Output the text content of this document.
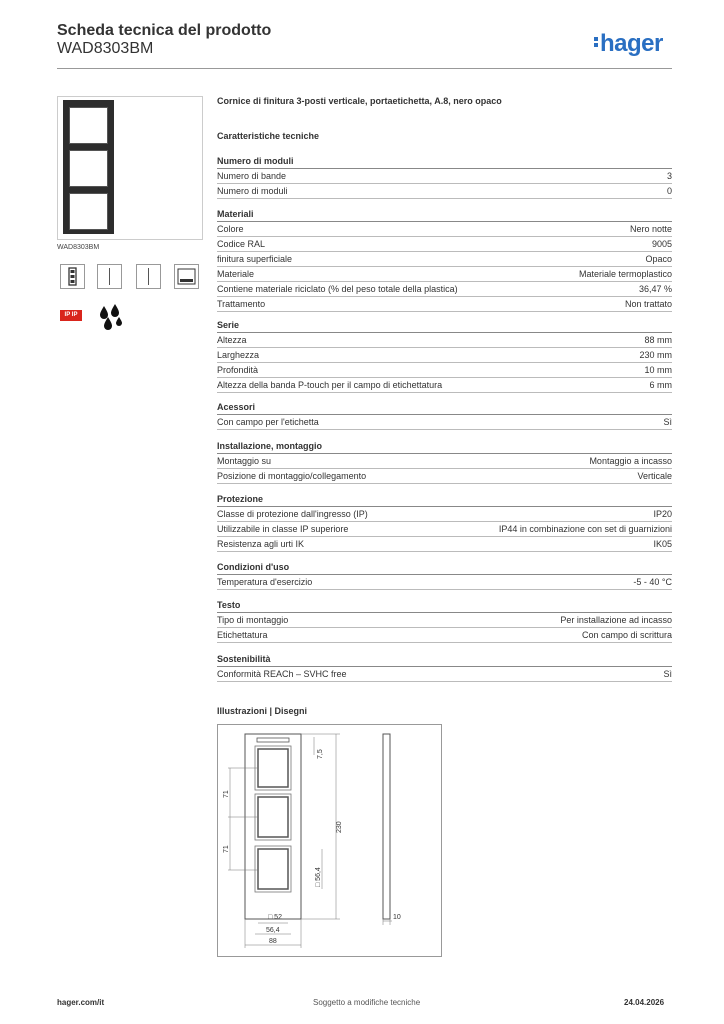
Scheda tecnica del prodotto
WAD8303BM	hager
WAD8303BM
IP IP
Cornice di finitura 3-posti verticale, portaetichetta, A.8, nero opaco
Caratteristiche tecniche
Numero di moduli
Numero di bande	3
Numero di moduli	0
Materiali
Colore	Nero notte
Codice RAL	9005
finitura superficiale	Opaco
Materiale	Materiale termoplastico
Contiene materiale riciclato (% del peso totale della plastica)	36,47 %
Trattamento	Non trattato
Serie
Altezza	88 mm
Larghezza	230 mm
Profondità	10 mm
Altezza della banda P-touch per il campo di etichettatura	6 mm
Acessori
Con campo per l'etichetta	Sì
Installazione, montaggio
Montaggio su	Montaggio a incasso
Posizione di montaggio/collegamento	Verticale
Protezione
Classe di protezione dall'ingresso (IP)	IP20
Utilizzabile in classe IP superiore	IP44 in combinazione con set di guarnizioni
Resistenza agli urti IK	IK05
Condizioni d'uso
Temperatura d'esercizio	-5 - 40 °C
Testo
Tipo di montaggio	Per installazione ad incasso
Etichettatura	Con campo di scrittura
Sostenibilità
Conformità REACh – SVHC free	Sì
Illustrazioni | Disegni
7,5
71
71
230
□ 56,4
□ 52
56,4
88
10
hager.com/it	Soggetto a modifiche tecniche	24.04.2026
